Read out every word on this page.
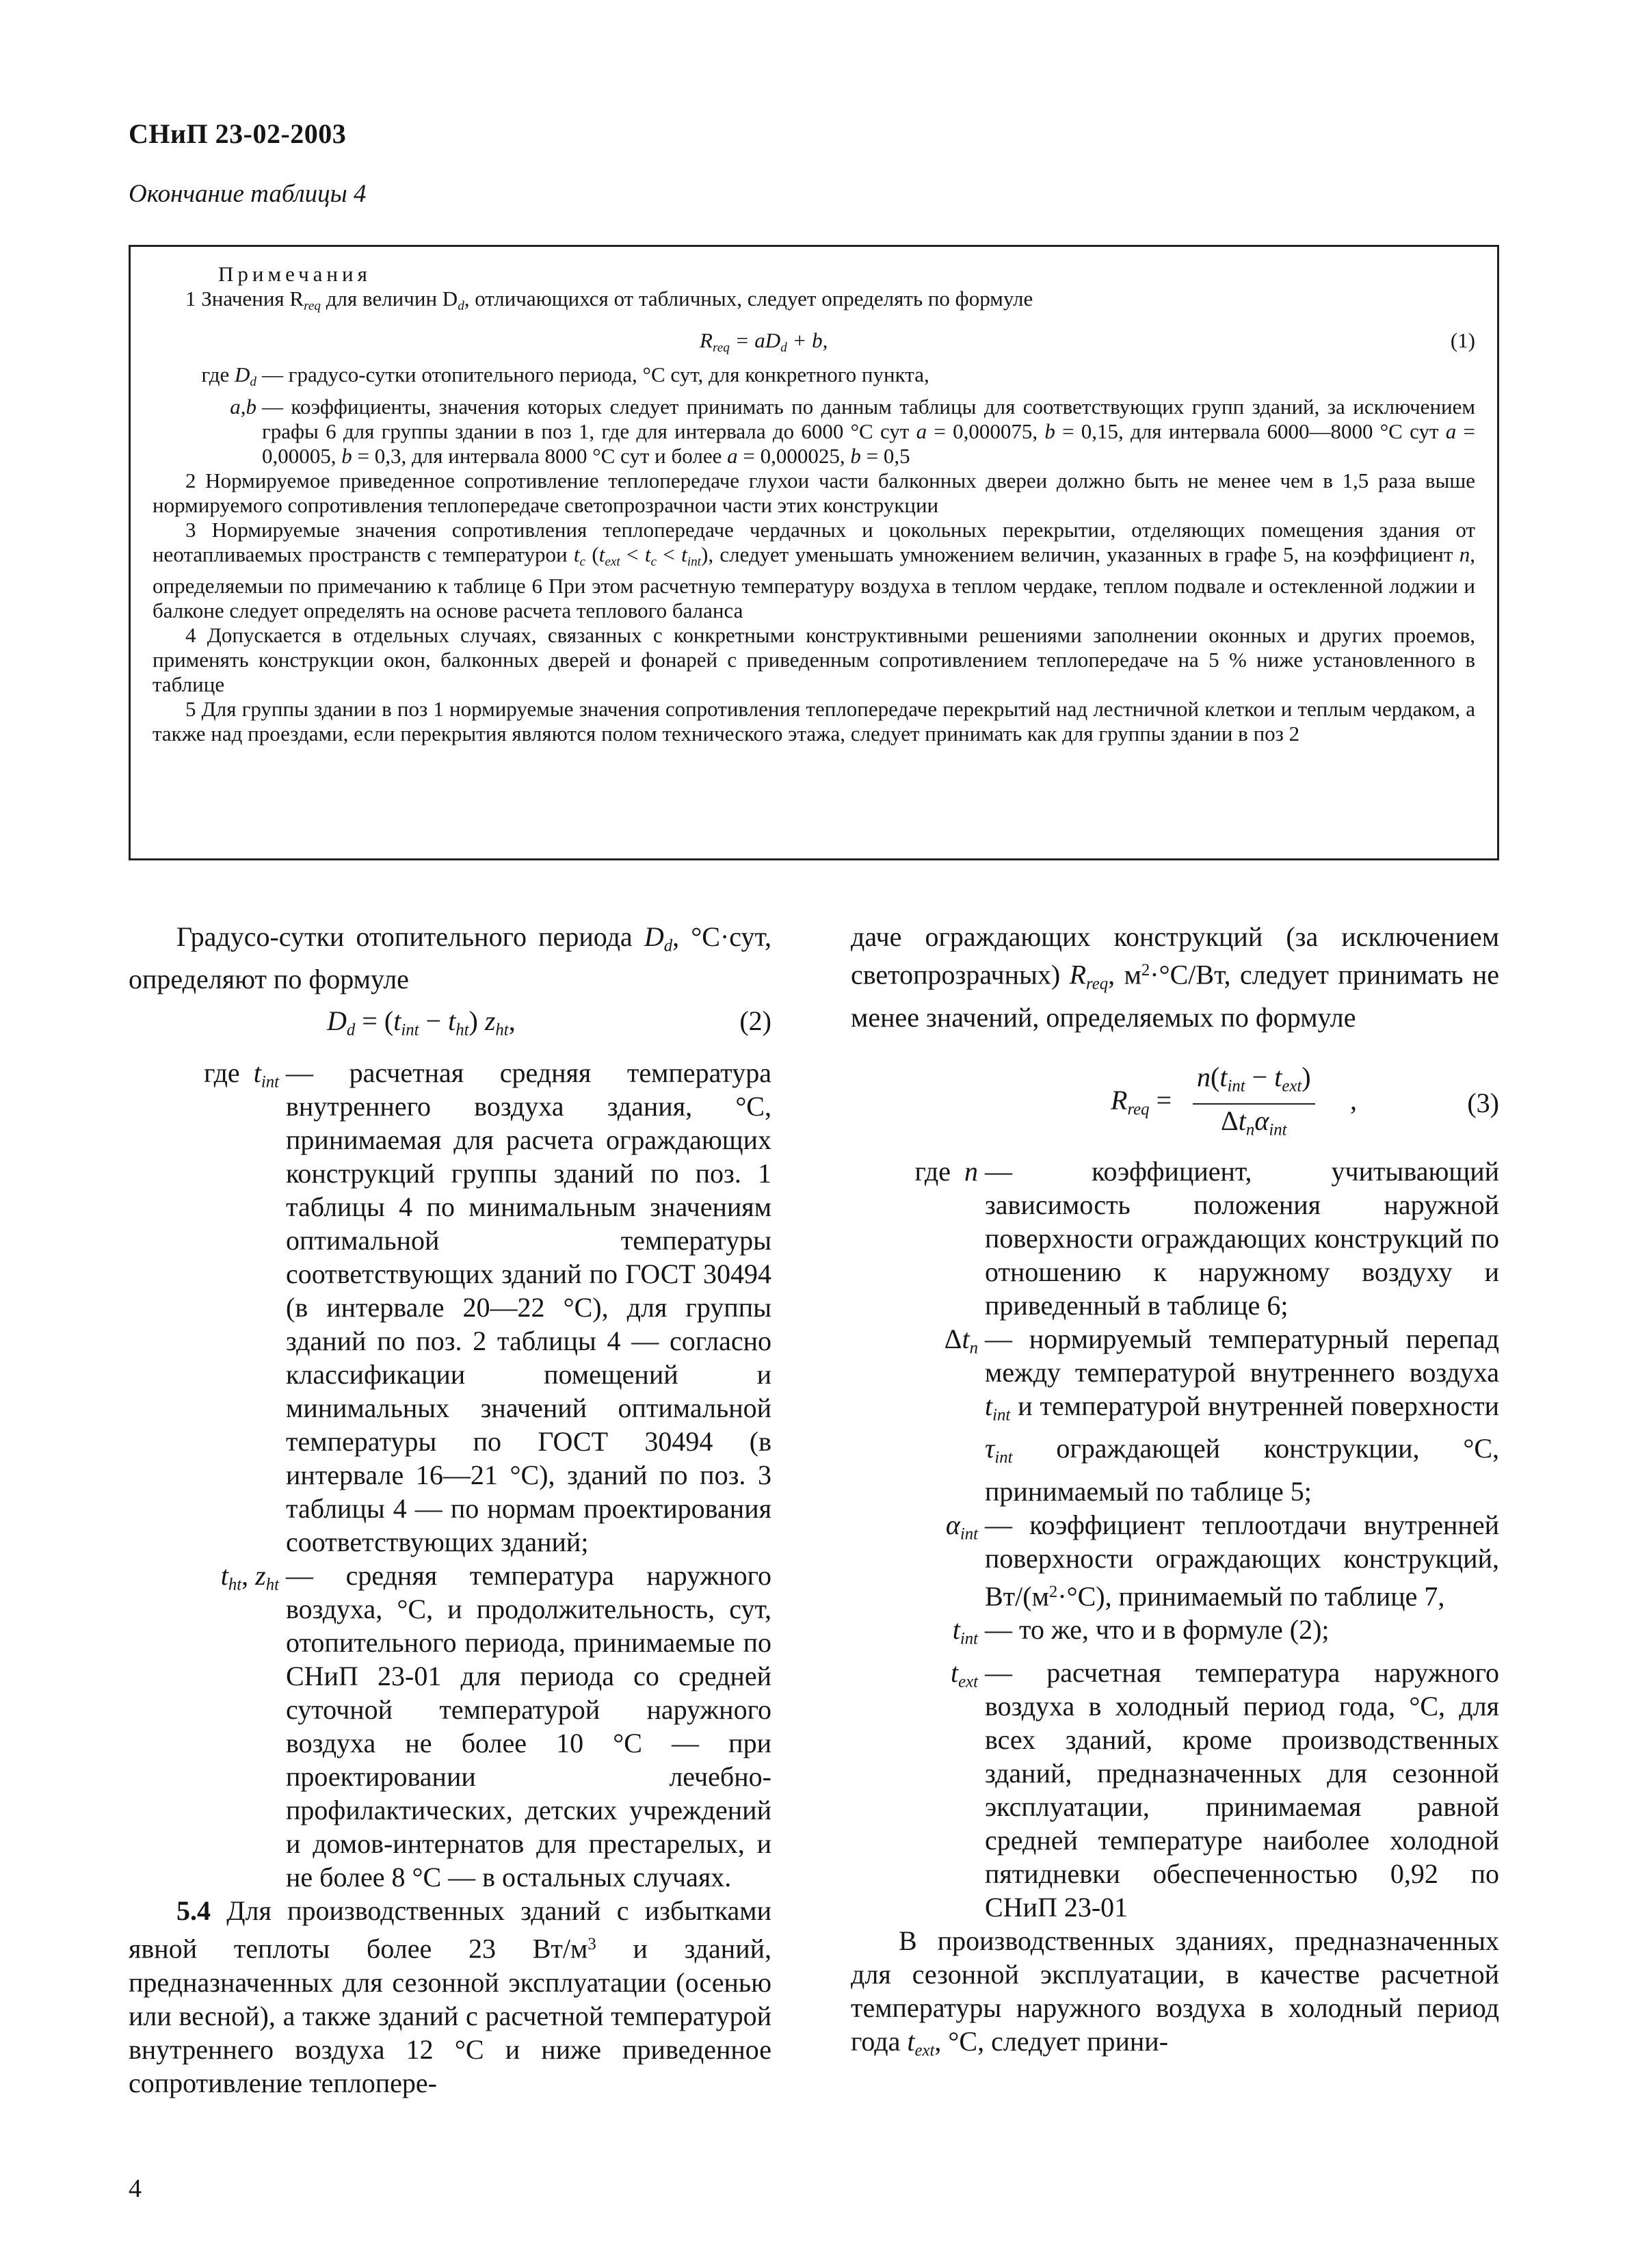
СНиП 23-02-2003
Окончание таблицы 4
Примечания
1 Значения $R_{req}$ для величин $D_d$, отличающихся от табличных, следует определять по формуле
$R_{req} = aD_d + b$,	(1)
где $D_d$ — градусо-сутки отопительного периода, °С сут, для конкретного пункта,
a,b — коэффициенты, значения которых следует принимать по данным таблицы для соответствующих групп зданий, за исключением графы 6 для группы здании в поз 1, где для интервала до 6000 °С сут a = 0,000075, b = 0,15, для интервала 6000—8000 °С сут a = 0,00005, b = 0,3, для интервала 8000 °С сут и более a = 0,000025, b = 0,5
2 Нормируемое приведенное сопротивление теплопередаче глухои части балконных двереи должно быть не менее чем в 1,5 раза выше нормируемого сопротивления теплопередаче светопрозрачнои части этих конструкции
3 Нормируемые значения сопротивления теплопередаче чердачных и цокольных перекрытии, отделяющих помещения здания от неотапливаемых пространств с температурои $t_c$ $(t_{ext} < t_c < t_{int})$, следует уменьшать умножением величин, указанных в графе 5, на коэффициент n, определяемыи по примечанию к таблице 6 При этом расчетную температуру воздуха в теплом чердаке, теплом подвале и остекленной лоджии и балконе следует определять на основе расчета теплового баланса
4 Допускается в отдельных случаях, связанных с конкретными конструктивными решениями заполнении оконных и других проемов, применять конструкции окон, балконных дверей и фонарей с приведенным сопротивлением теплопередаче на 5 % ниже установленного в таблице
5 Для группы здании в поз 1 нормируемые значения сопротивления теплопередаче перекрытий над лестничной клеткои и теплым чердаком, а также над проездами, если перекрытия являются полом технического этажа, следует принимать как для группы здании в поз 2
Градусо-сутки отопительного периода $D_d$, °С·сут, определяют по формуле
$D_d = (t_{int} - t_{ht})$ $z_{ht}$,	(2)
где $t_{int}$ — расчетная средняя температура внутреннего воздуха здания, °С, принимаемая для расчета ограждающих конструкций группы зданий по поз. 1 таблицы 4 по минимальным значениям оптимальной температуры соответствующих зданий по ГОСТ 30494 (в интервале 20—22 °С), для группы зданий по поз. 2 таблицы 4 — согласно классификации помещений и минимальных значений оптимальной температуры по ГОСТ 30494 (в интервале 16—21 °С), зданий по поз. 3 таблицы 4 — по нормам проектирования соответствующих зданий;
$t_{ht}$, $z_{ht}$ — средняя температура наружного воздуха, °С, и продолжительность, сут, отопительного периода, принимаемые по СНиП 23-01 для периода со средней суточной температурой наружного воздуха не более 10 °С — при проектировании лечебно-профилактических, детских учреждений и домов-интернатов для престарелых, и не более 8 °С — в остальных случаях.
5.4 Для производственных зданий с избытками явной теплоты более 23 $Вт/м^3$ и зданий, предназначенных для сезонной эксплуатации (осенью или весной), а также зданий с расчетной температурой внутреннего воздуха 12 °С и ниже приведенное сопротивление теплопере-
даче ограждающих конструкций (за исключением светопрозрачных) $R_{req}$, $м^2\cdot^\circ С/Вт$, следует принимать не менее значений, определяемых по формуле
$R_{req}$ =
$n(t_{int} - t_{ext})$
$\Delta t_n\alpha_{int}$
,	(3)
где n — коэффициент, учитывающий зависимость положения наружной поверхности ограждающих конструкций по отношению к наружному воздуху и приведенный в таблице 6;
$\Delta t_n$ — нормируемый температурный перепад между температурой внутреннего воздуха $t_{int}$ и температурой внутренней поверхности $\tau_{int}$ ограждающей конструкции, °С, принимаемый по таблице 5;
$\alpha_{int}$ — коэффициент теплоотдачи внутренней поверхности ограждающих конструкций, $Вт/(м^2\cdot^\circ С)$, принимаемый по таблице 7,
$t_{int}$ — то же, что и в формуле (2);
$t_{ext}$ — расчетная температура наружного воздуха в холодный период года, °С, для всех зданий, кроме производственных зданий, предназначенных для сезонной эксплуатации, принимаемая равной средней температуре наиболее холодной пятидневки обеспеченностью 0,92 по СНиП 23-01
В производственных зданиях, предназначенных для сезонной эксплуатации, в качестве расчетной температуры наружного воздуха в холодный период года $t_{ext}$, °С, следует прини-
4
